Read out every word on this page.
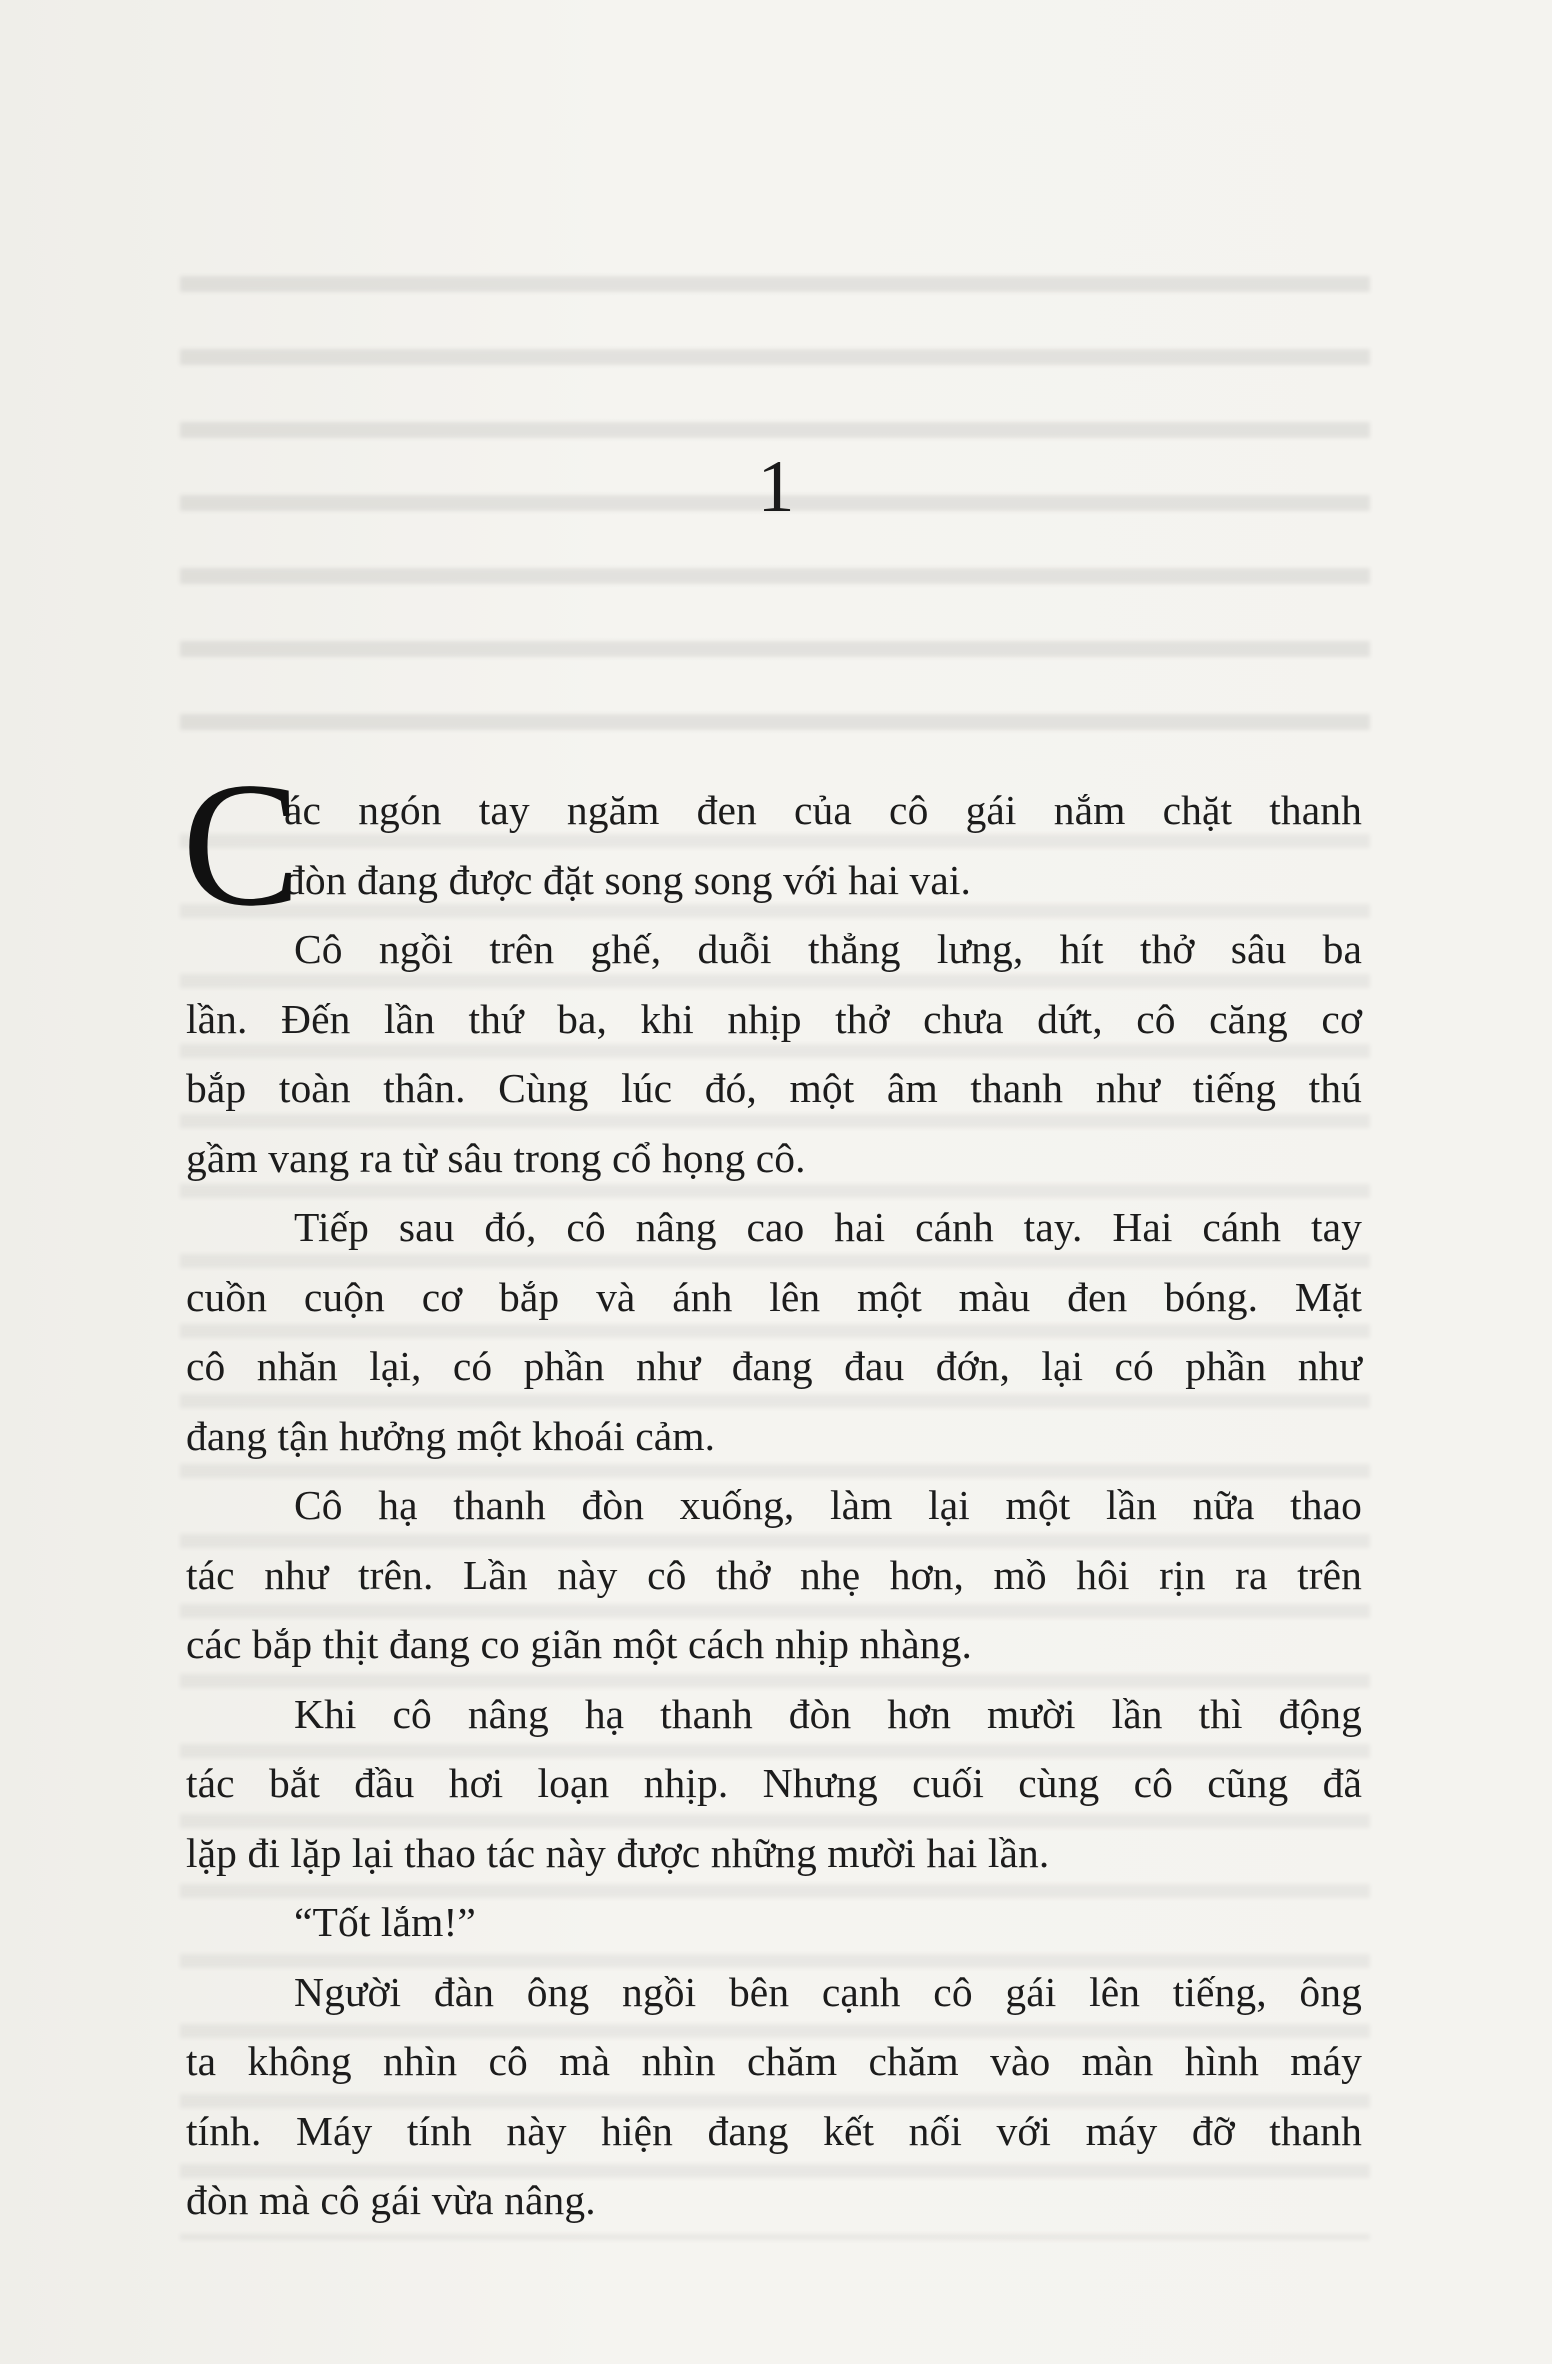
1
C
ác ngón tay ngăm đen của cô gái nắm chặt thanh
đòn đang được đặt song song với hai vai.
Cô ngồi trên ghế, duỗi thẳng lưng, hít thở sâu ba
lần. Đến lần thứ ba, khi nhịp thở chưa dứt, cô căng cơ
bắp toàn thân. Cùng lúc đó, một âm thanh như tiếng thú
gầm vang ra từ sâu trong cổ họng cô.
Tiếp sau đó, cô nâng cao hai cánh tay. Hai cánh tay
cuồn cuộn cơ bắp và ánh lên một màu đen bóng. Mặt
cô nhăn lại, có phần như đang đau đớn, lại có phần như
đang tận hưởng một khoái cảm.
Cô hạ thanh đòn xuống, làm lại một lần nữa thao
tác như trên. Lần này cô thở nhẹ hơn, mồ hôi rịn ra trên
các bắp thịt đang co giãn một cách nhịp nhàng.
Khi cô nâng hạ thanh đòn hơn mười lần thì động
tác bắt đầu hơi loạn nhịp. Nhưng cuối cùng cô cũng đã
lặp đi lặp lại thao tác này được những mười hai lần.
“Tốt lắm!”
Người đàn ông ngồi bên cạnh cô gái lên tiếng, ông
ta không nhìn cô mà nhìn chăm chăm vào màn hình máy
tính. Máy tính này hiện đang kết nối với máy đỡ thanh
đòn mà cô gái vừa nâng.
